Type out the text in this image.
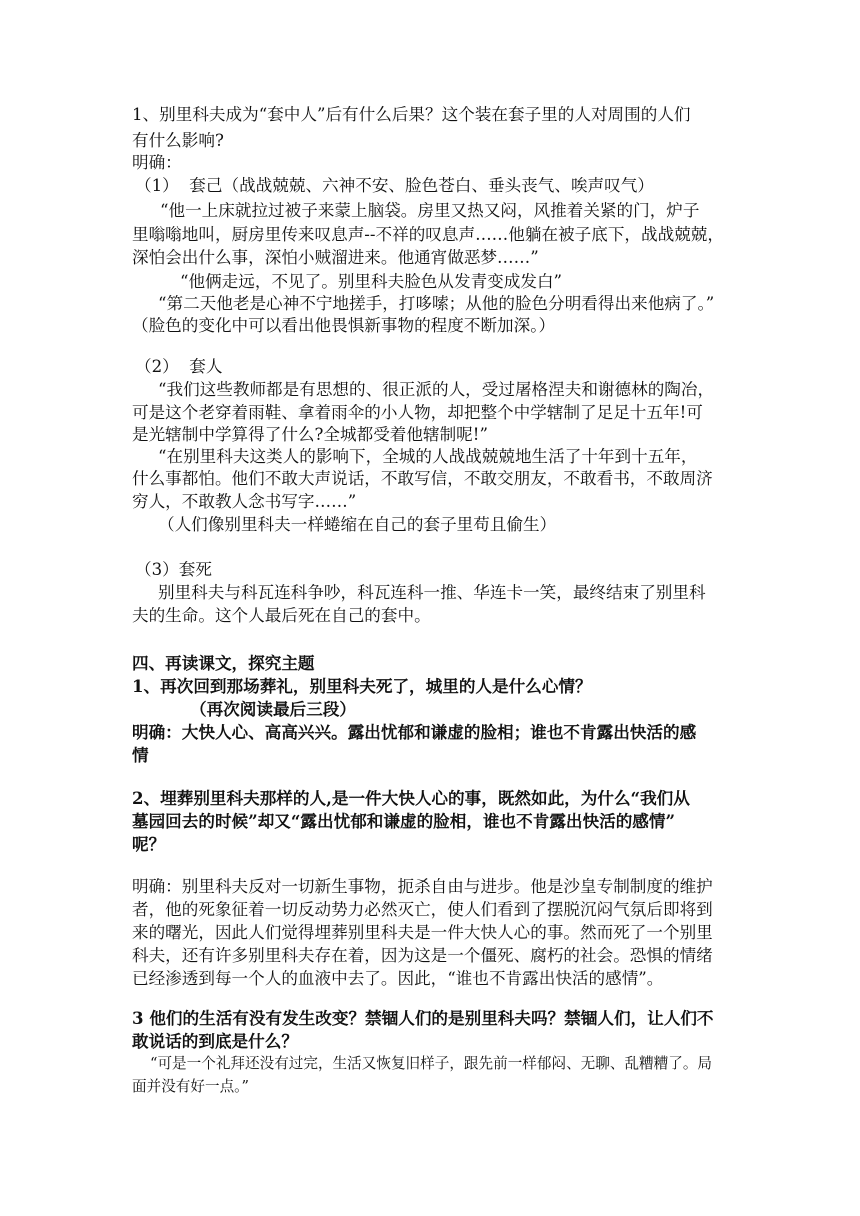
1、别里科夫成为“套中人”后有什么后果？这个装在套子里的人对周围的人们
有什么影响?
明确：
（1）  套己（战战兢兢、六神不安、脸色苍白、垂头丧气、唉声叹气）
“他一上床就拉过被子来蒙上脑袋。房里又热又闷，风推着关紧的门，炉子
里嗡嗡地叫，厨房里传来叹息声--不祥的叹息声……他躺在被子底下，战战兢兢，
深怕会出什么事，深怕小贼溜进来。他通宵做恶梦……”
“他俩走远，不见了。别里科夫脸色从发青变成发白”
“第二天他老是心神不宁地搓手，打哆嗦；从他的脸色分明看得出来他病了。”
（脸色的变化中可以看出他畏惧新事物的程度不断加深。）
（2）  套人
“我们这些教师都是有思想的、很正派的人，受过屠格涅夫和谢德林的陶冶，
可是这个老穿着雨鞋、拿着雨伞的小人物，却把整个中学辖制了足足十五年!可
是光辖制中学算得了什么?全城都受着他辖制呢!”
“在别里科夫这类人的影响下，全城的人战战兢兢地生活了十年到十五年，
什么事都怕。他们不敢大声说话，不敢写信，不敢交朋友，不敢看书，不敢周济
穷人，不敢教人念书写字……”
（人们像别里科夫一样蜷缩在自己的套子里苟且偷生）
（3）套死
别里科夫与科瓦连科争吵，科瓦连科一推、华连卡一笑，最终结束了别里科
夫的生命。这个人最后死在自己的套中。
四、再读课文，探究主题
1、再次回到那场葬礼，别里科夫死了，城里的人是什么心情？
（再次阅读最后三段）
明确：大快人心、高高兴兴。露出忧郁和谦虚的脸相；谁也不肯露出快活的感
情
2、埋葬别里科夫那样的人,是一件大快人心的事，既然如此，为什么“我们从
墓园回去的时候”却又“露出忧郁和谦虚的脸相，谁也不肯露出快活的感情”
呢？
明确：别里科夫反对一切新生事物，扼杀自由与进步。他是沙皇专制制度的维护
者，他的死象征着一切反动势力必然灭亡，使人们看到了摆脱沉闷气氛后即将到
来的曙光，因此人们觉得埋葬别里科夫是一件大快人心的事。然而死了一个别里
科夫，还有许多别里科夫存在着，因为这是一个僵死、腐朽的社会。恐惧的情绪
已经渗透到每一个人的血液中去了。因此，“谁也不肯露出快活的感情”。
3 他们的生活有没有发生改变？禁锢人们的是别里科夫吗？禁锢人们，让人们不
敢说话的到底是什么？
“可是一个礼拜还没有过完，生活又恢复旧样子，跟先前一样郁闷、无聊、乱糟糟了。局
面并没有好一点。”
